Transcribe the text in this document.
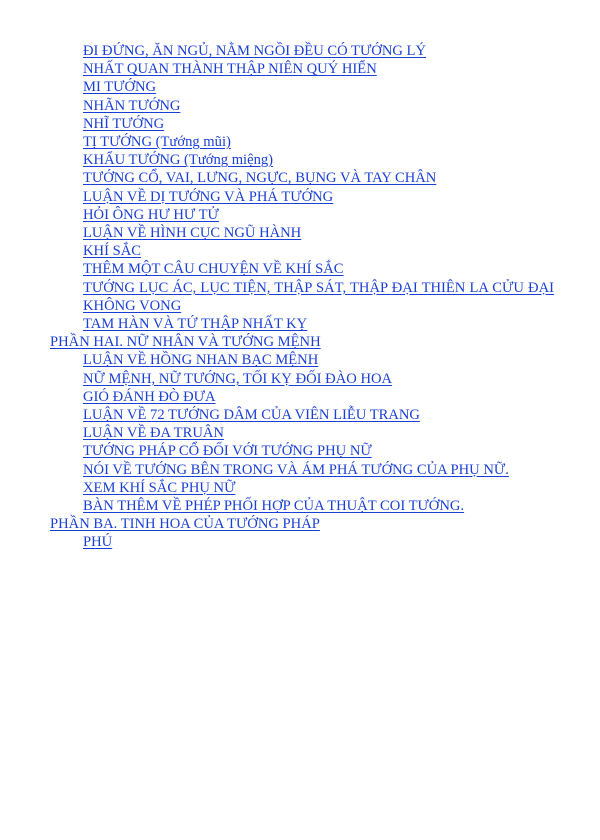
ĐI ĐỨNG, ĂN NGỦ, NẰM NGỒI ĐỀU CÓ TƯỚNG LÝ
NHẤT QUAN THÀNH THẬP NIÊN QUÝ HIỂN
MI TƯỚNG
NHÃN TƯỚNG
NHĨ TƯỚNG
TỊ TƯỚNG (Tướng mũi)
KHẨU TƯỚNG (Tướng miệng)
TƯỚNG CỔ, VAI, LƯNG, NGỰC, BỤNG VÀ TAY CHÂN
LUẬN VỀ DỊ TƯỚNG VÀ PHÁ TƯỚNG
HỎI ÔNG HƯ HƯ TỬ
LUẬN VỀ HÌNH CỤC NGŨ HÀNH
KHÍ SẮC
THÊM MỘT CÂU CHUYỆN VỀ KHÍ SẮC
TƯỚNG LỤC ÁC, LỤC TIỆN, THẬP SÁT, THẬP ĐẠI THIÊN LA CỬU ĐẠI KHÔNG VONG
TAM HÀN VÀ TỨ THẬP NHẤT KỴ
PHẦN HAI. NỮ NHÂN VÀ TƯỚNG MỆNH
LUẬN VỀ HỒNG NHAN BẠC MỆNH
NỮ MỆNH, NỮ TƯỚNG, TỐI KỴ ĐỐI ĐÀO HOA
GIÓ ĐÁNH ĐÒ ĐƯA
LUẬN VỀ 72 TƯỚNG DÂM CỦA VIÊN LIỄU TRANG
LUẬN VỀ ĐA TRUÂN
TƯỚNG PHÁP CỔ ĐỐI VỚI TƯỚNG PHỤ NỮ
NÓI VỀ TƯỚNG BÊN TRONG VÀ ÁM PHÁ TƯỚNG CỦA PHỤ NỮ.
XEM KHÍ SẮC PHỤ NỮ
BÀN THÊM VỀ PHÉP PHỐI HỢP CỦA THUẬT COI TƯỚNG.
PHẦN BA. TINH HOA CỦA TƯỚNG PHÁP
PHÚ
